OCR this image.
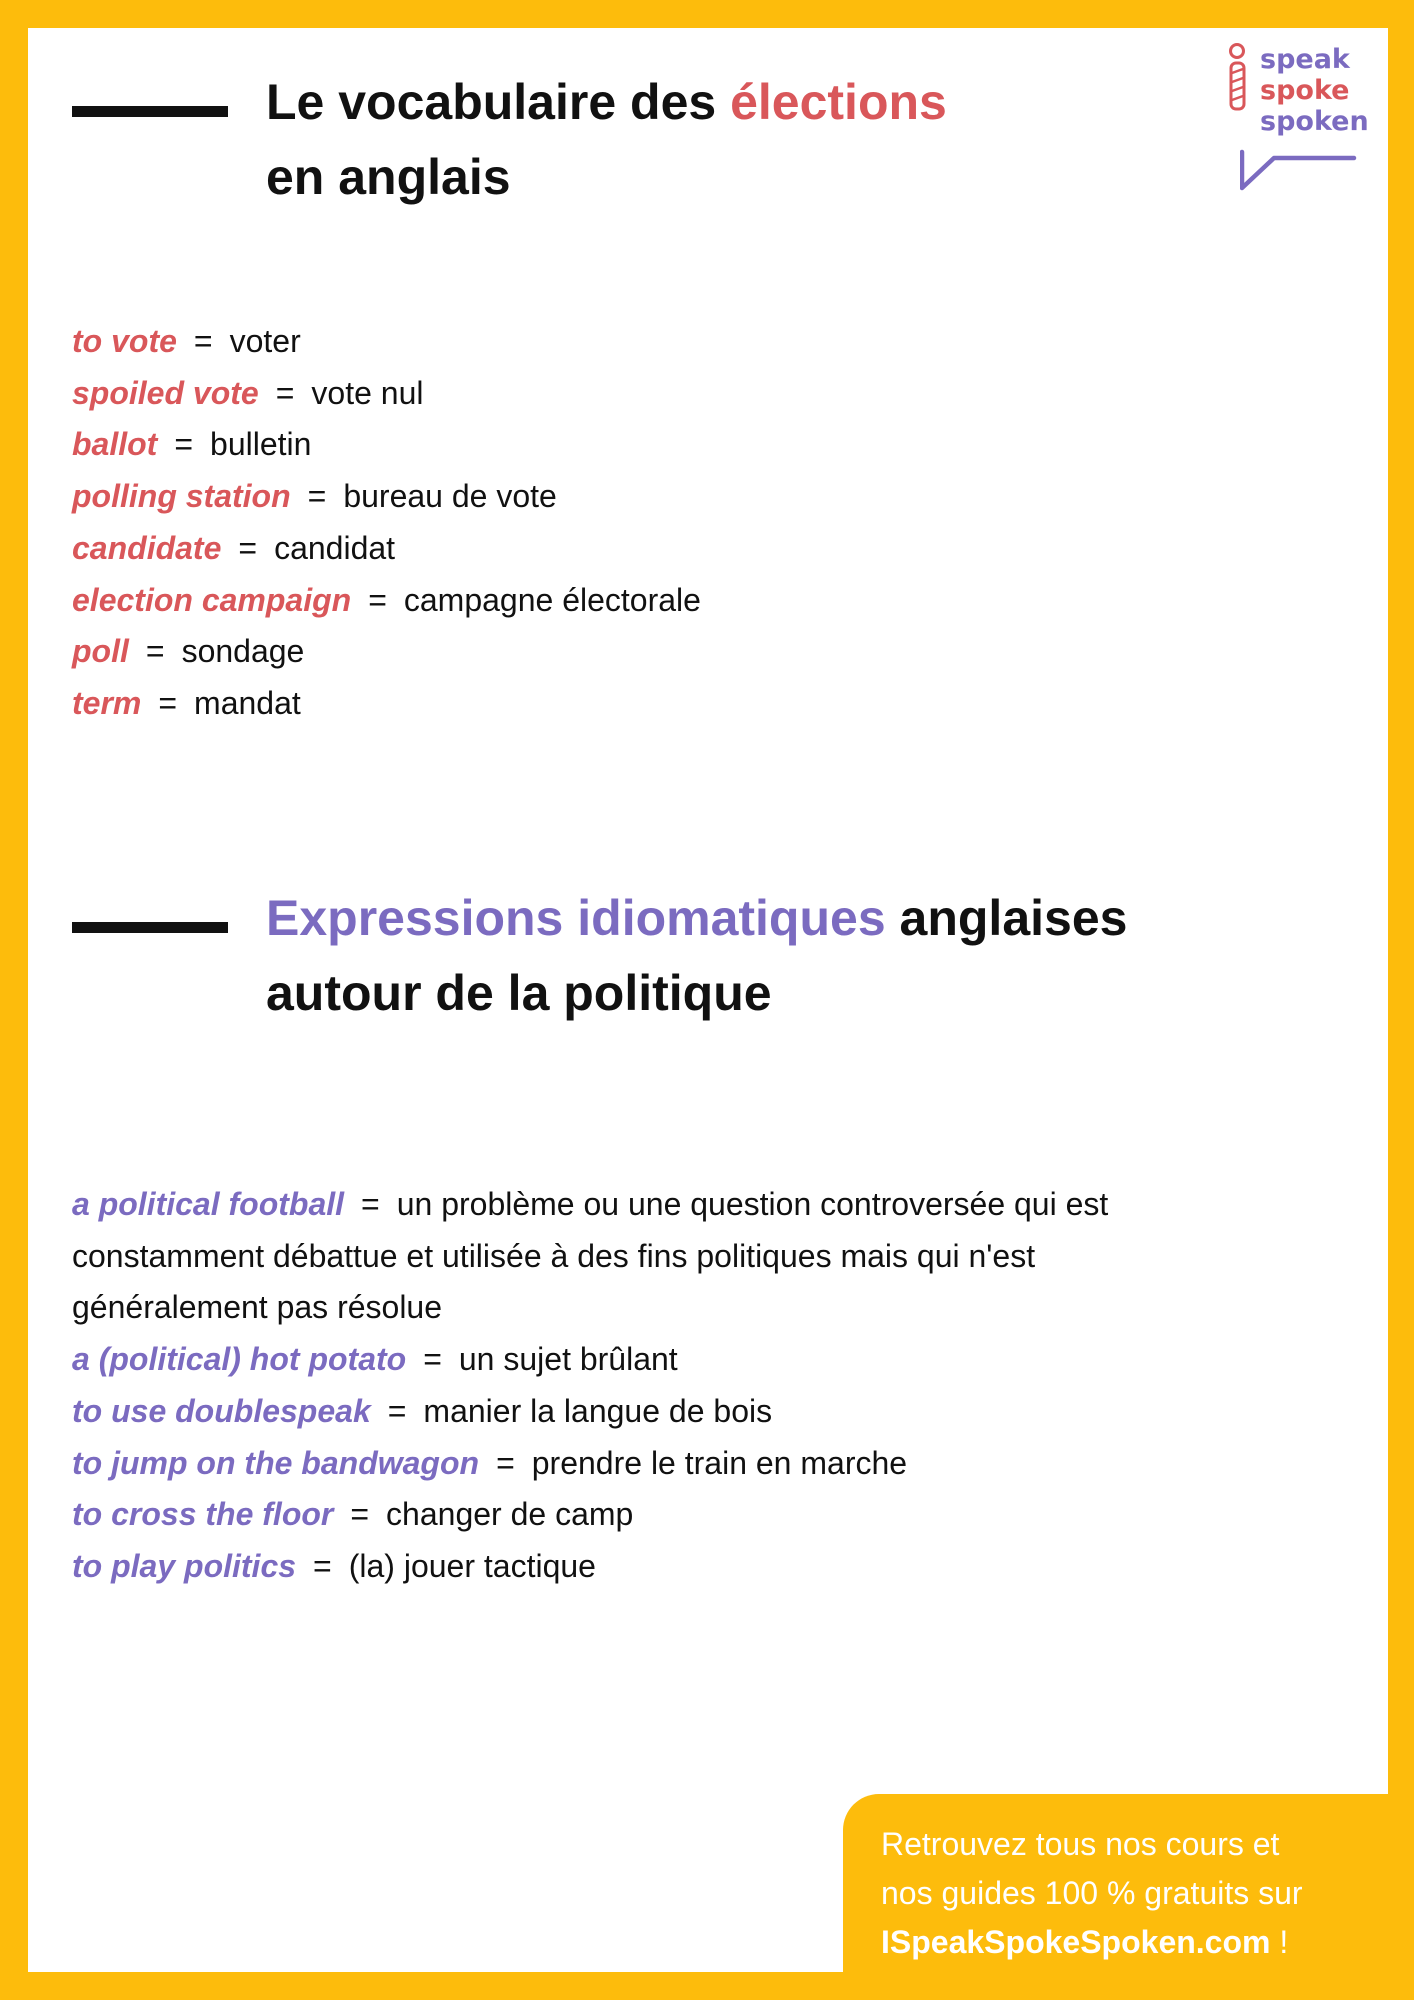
Le vocabulaire des élections
en anglais
speak
spoke
spoken
to vote = voter
spoiled vote = vote nul
ballot = bulletin
polling station = bureau de vote
candidate = candidat
election campaign = campagne électorale
poll = sondage
term = mandat
Expressions idiomatiques anglaises
autour de la politique
a political football = un problème ou une question controversée qui est constamment débattue et utilisée à des fins politiques mais qui n'est généralement pas résolue
a (political) hot potato = un sujet brûlant
to use doublespeak = manier la langue de bois
to jump on the bandwagon = prendre le train en marche
to cross the floor = changer de camp
to play politics = (la) jouer tactique

Retrouvez tous nos cours et
nos guides 100 % gratuits sur
ISpeakSpokeSpoken.com !
